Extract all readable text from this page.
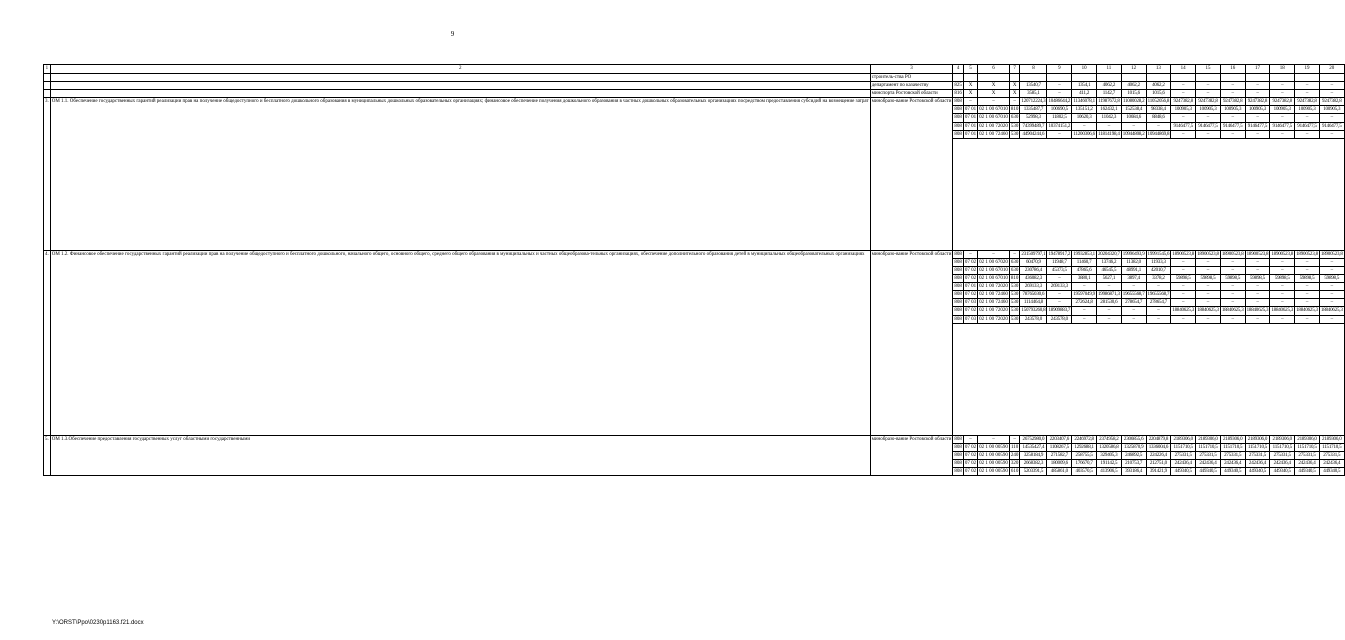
9
1	2	3	4	5	6	7	8	9	10	11	12	13	14	15	16	17	18	19	20
		строитель-ства РО																	
		департамент по казачеству	825	X	X	X	13540,7	–	1354,1	4062,2	4062,2	4062,2	–	–	–	–	–	–	–
		минспорта Ростовской области	816	X	X	X	3585,1	–	411,2	1142,7	1015,6	1015,6	–	–	–	–	–	–	–
3.	ОМ 1.1. Обеспечение государственных гарантий реализации прав на получение общедоступного и бесплатного дошкольного образования в муниципальных дошкольных образовательных организациях; финансовое обеспечение получения дошкольного образования в частных дошкольных образовательных организациях посредством предоставления субсидий на возмещение затрат	минобразо-вание Ростовской области	808	–	–	–	120712224,3	10486644,2	11346078,1	11987672,8	11080028,2	11052056,8	9247382,8	9247382,8	9247382,8	9247382,8	9247382,8	9247382,8	9247382,8
			808	07 01	02 1 00 67010	810	1335487,7	100690,5	135151,2	162432,1	152538,4	98338,4	100905,3	100905,3	100905,3	100905,3	100905,3	100905,3	100905,3
			808	07 01	02 1 00 67010	630	52998,3	11802,5	10620,3	11042,3	10684,6	8848,6	–	–	–	–	–	–	–
			808	07 01	02 1 00 72020	530	74399489,7	10374151,2	–	–	–	–	9146477,5	9146477,5	9146477,5	9146477,5	9146477,5	9146477,5	9146477,5
			808	07 01	02 1 00 72460	530	44904244,6	–	11200306,6	11814198,4	10944808,2	10944869,8	–	–	–	–	–	–	–

4.	ОМ 1.2. Финансовое обеспечение государственных гарантий реализации прав на получение общедоступного и бесплатного дошкольного, начального общего, основного общего, среднего общего образования в муниципальных и частных общеобразова-тельных организациях, обеспечение дополнительного образования детей в муниципальных общеобразовательных организациях	минобразо-вание Ростовской области	808	–	–	–	231509797,1	19478917,2	19932853,1	20204320,7	19996493,9	19991545,6	18900523,8	18900523,8	18900523,8	18900523,8	18900523,8	18900523,8	18900523,8
			808	07 02	02 1 00 67020	630	60470,9	11948,7	11460,7	13746,2	11382,0	11933,3	–	–	–	–	–	–	–
			808	07 02	02 1 00 67010	630	230786,4	45373,5	47865,6	46545,5	48991,1	42010,7	–	–	–	–	–	–	–
			808	07 02	02 1 00 67010	810	436082,3	–	3880,1	5627,1	3897,4	3378,2	59898,5	59898,5	59898,5	59898,5	59898,5	59898,5	59898,5
			808	07 01	02 1 00 72020	530	269133,3	269133,3	–	–	–	–	–	–	–	–	–	–	–
			808	07 02	02 1 00 72460	530	78765030,6	–	19597049,9	19986871,3	19655568,7	19655568,7	–	–	–	–	–	–	–
			808	07 03	02 1 00 72460	530	1114464,8	–	272624,8	281530,6	278654,7	278654,7	–	–	–	–	–	–	–
			808	07 02	02 1 00 72020	530	150793260,8	18909883,7	–	–	–	–	18840625,3	18840625,3	18840625,3	18840625,3	18840625,3	18840625,3	18840625,3
			808	07 03	02 1 00 72020	530	243578,0	243578,0	–	–	–	–	–	–	–	–	–	–	–

5.	ОМ 1.3.Обеспечение предоставления государственных услуг областными государственными	минобразо-вание Ростовской области	808	–	–	–	26752980,0	2203407,6	2246972,8	2374958,2	2306855,6	2204879,8	2189306,0	2189306,0	2189306,0	2189306,0	2189306,0	2189306,0	2189306,0
			808	07 02	02 1 00 00590	110	14535427,4	1108267,5	1292688,1	1320586,8	1325870,9	1336004,6	1151710,5	1151710,5	1151710,5	1151710,5	1151710,5	1151710,5	1151710,5
			808	07 02	02 1 00 00590	240	3258184,9	271582,7	258755,5	329405,3	246892,5	224226,4	275331,5	275331,5	275331,5	275331,5	275331,5	275331,5	275331,5
			808	07 02	02 1 00 00590	320	2668382,3	180009,6	176670,7	191142,5	210753,7	212751,0	242436,4	242436,4	242436,4	242436,4	242436,4	242436,4	242436,4
			808	07 02	02 1 00 00590	610	5203391,5	485861,0	403570,5	413906,5	393186,4	391421,9	449340,5	449340,5	449340,5	449340,5	449340,5	449340,5	449340,5
Y:\ORST\Ppo\0230p1163.f21.docx
